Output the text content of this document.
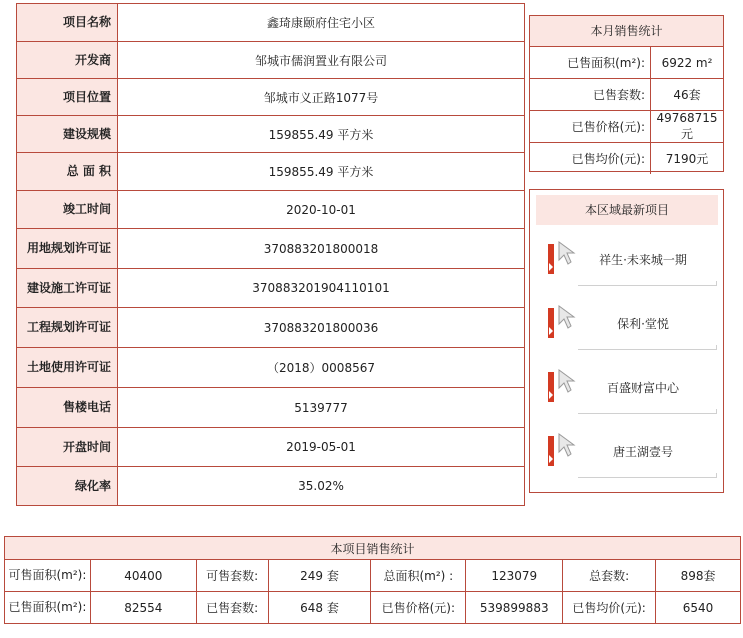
项目名称	鑫琦康颐府住宅小区
开发商	邹城市儒润置业有限公司
项目位置	邹城市义正路1077号
建设规模	159855.49 平方米
总 面 积	159855.49 平方米
竣工时间	2020-10-01
用地规划许可证	370883201800018
建设施工许可证	370883201904110101
工程规划许可证	370883201800036
土地使用许可证	（2018）0008567
售楼电话	5139777
开盘时间	2019-05-01
绿化率	35.02%
本月销售统计
已售面积(m²):	6922 m²
已售套数:	46套
已售价格(元):	49768715元
已售均价(元):	7190元
本区域最新项目
祥生·未来城一期
保利·堂悦
百盛财富中心
唐王湖壹号
本项目销售统计							
可售面积(m²):	40400	可售套数:	249 套	总面积(m²) :	123079	总套数:	898套
已售面积(m²):	82554	已售套数:	648 套	已售价格(元):	539899883	已售均价(元):	6540
